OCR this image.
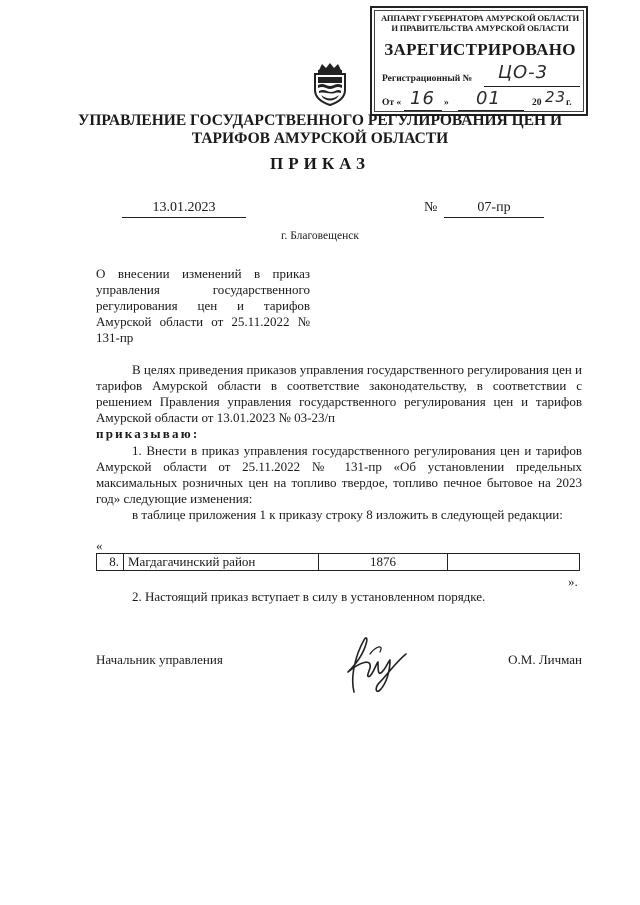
АППАРАТ ГУБЕРНАТОРА АМУРСКОЙ ОБЛАСТИ
И ПРАВИТЕЛЬСТВА АМУРСКОЙ ОБЛАСТИ
ЗАРЕГИСТРИРОВАНО
Регистрационный № ЦО-3
От « 16 » 01	20 23 г.
УПРАВЛЕНИЕ ГОСУДАРСТВЕННОГО РЕГУЛИРОВАНИЯ ЦЕН И
ТАРИФОВ АМУРСКОЙ ОБЛАСТИ
ПРИКАЗ
13.01.2023	№	07-пр
г. Благовещенск
О внесении изменений в приказ управления государственного регулирования цен и тарифов Амурской области от 25.11.2022 № 131-пр
В целях приведения приказов управления государственного регулирования цен и тарифов Амурской области в соответствие законодательству, в соответствии с решением Правления управления государственного регулирования цен и тарифов Амурской области от 13.01.2023 № 03-23/п
приказываю:
1. Внести в приказ управления государственного регулирования цен и тарифов Амурской области от 25.11.2022 № 131-пр «Об установлении предельных максимальных розничных цен на топливо твердое, топливо печное бытовое на 2023 год» следующие изменения:
в таблице приложения 1 к приказу строку 8 изложить в следующей редакции:
«
8.	Магдагачинский район	1876	
».
2. Настоящий приказ вступает в силу в установленном порядке.
Начальник управления	О.М. Личман
